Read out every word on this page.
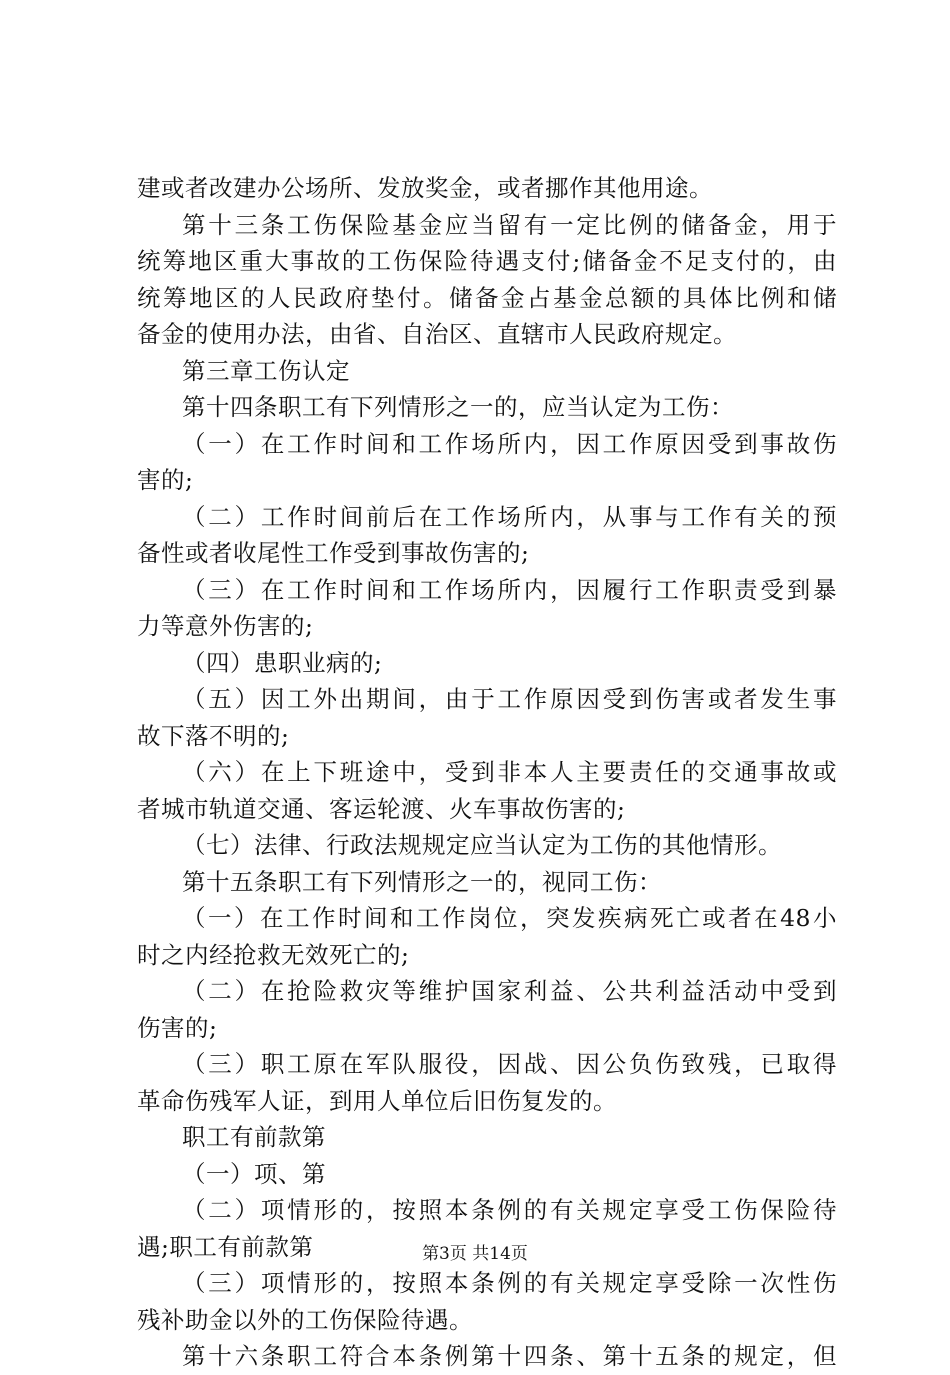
建或者改建办公场所、发放奖金，或者挪作其他用途。
第十三条工伤保险基金应当留有一定比例的储备金，用于
统筹地区重大事故的工伤保险待遇支付;储备金不足支付的，由
统筹地区的人民政府垫付。储备金占基金总额的具体比例和储
备金的使用办法，由省、自治区、直辖市人民政府规定。
第三章工伤认定
第十四条职工有下列情形之一的，应当认定为工伤：
（一）在工作时间和工作场所内，因工作原因受到事故伤
害的;
（二）工作时间前后在工作场所内，从事与工作有关的预
备性或者收尾性工作受到事故伤害的;
（三）在工作时间和工作场所内，因履行工作职责受到暴
力等意外伤害的;
（四）患职业病的;
（五）因工外出期间，由于工作原因受到伤害或者发生事
故下落不明的;
（六）在上下班途中，受到非本人主要责任的交通事故或
者城市轨道交通、客运轮渡、火车事故伤害的;
（七）法律、行政法规规定应当认定为工伤的其他情形。
第十五条职工有下列情形之一的，视同工伤：
（一）在工作时间和工作岗位，突发疾病死亡或者在48小
时之内经抢救无效死亡的;
（二）在抢险救灾等维护国家利益、公共利益活动中受到
伤害的;
（三）职工原在军队服役，因战、因公负伤致残，已取得
革命伤残军人证，到用人单位后旧伤复发的。
职工有前款第
（一）项、第
（二）项情形的，按照本条例的有关规定享受工伤保险待
遇;职工有前款第
（三）项情形的，按照本条例的有关规定享受除一次性伤
残补助金以外的工伤保险待遇。
第十六条职工符合本条例第十四条、第十五条的规定，但
第3页 共14页
